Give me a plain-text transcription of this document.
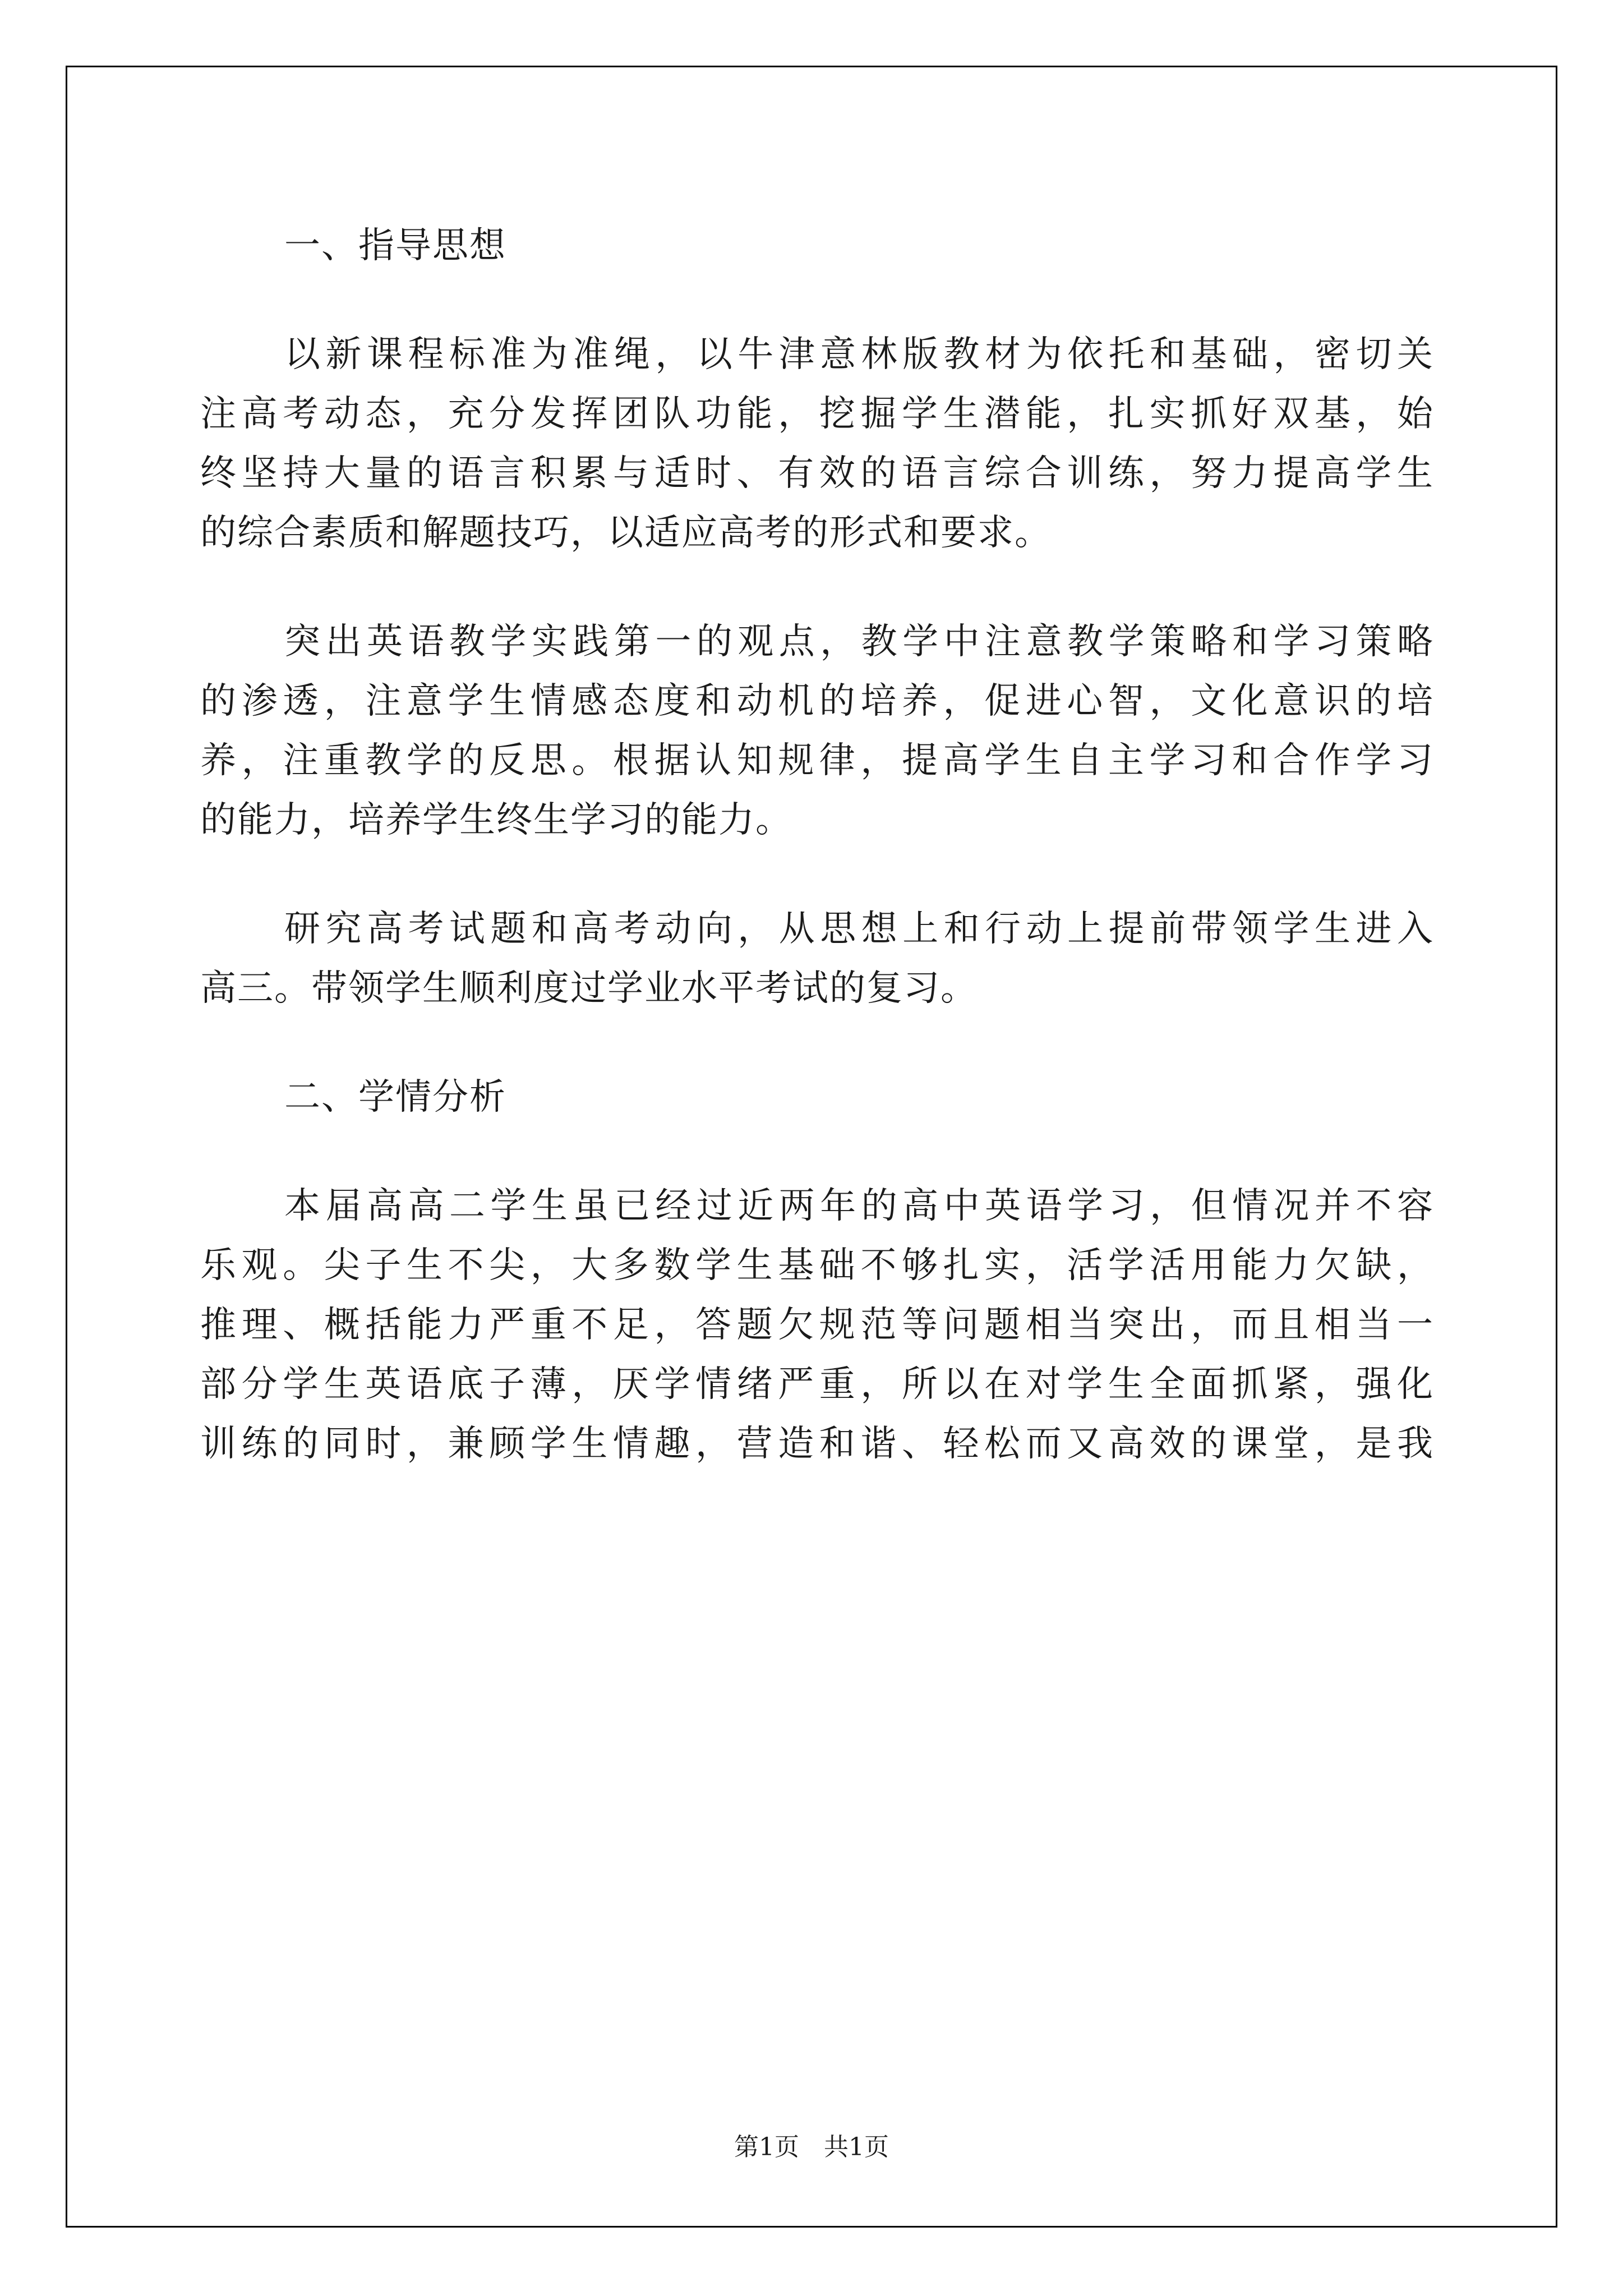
一、指导思想
以新课程标准为准绳，以牛津意林版教材为依托和基础，密切关
注高考动态，充分发挥团队功能，挖掘学生潜能，扎实抓好双基，始
终坚持大量的语言积累与适时、有效的语言综合训练，努力提高学生
的综合素质和解题技巧，以适应高考的形式和要求。
突出英语教学实践第一的观点，教学中注意教学策略和学习策略
的渗透，注意学生情感态度和动机的培养，促进心智，文化意识的培
养，注重教学的反思。根据认知规律，提高学生自主学习和合作学习
的能力，培养学生终生学习的能力。
研究高考试题和高考动向，从思想上和行动上提前带领学生进入
高三。带领学生顺利度过学业水平考试的复习。
二、学情分析
本届高高二学生虽已经过近两年的高中英语学习，但情况并不容
乐观。尖子生不尖，大多数学生基础不够扎实，活学活用能力欠缺，
推理、概括能力严重不足，答题欠规范等问题相当突出，而且相当一
部分学生英语底子薄，厌学情绪严重，所以在对学生全面抓紧，强化
训练的同时，兼顾学生情趣，营造和谐、轻松而又高效的课堂，是我
第1页　共1页
